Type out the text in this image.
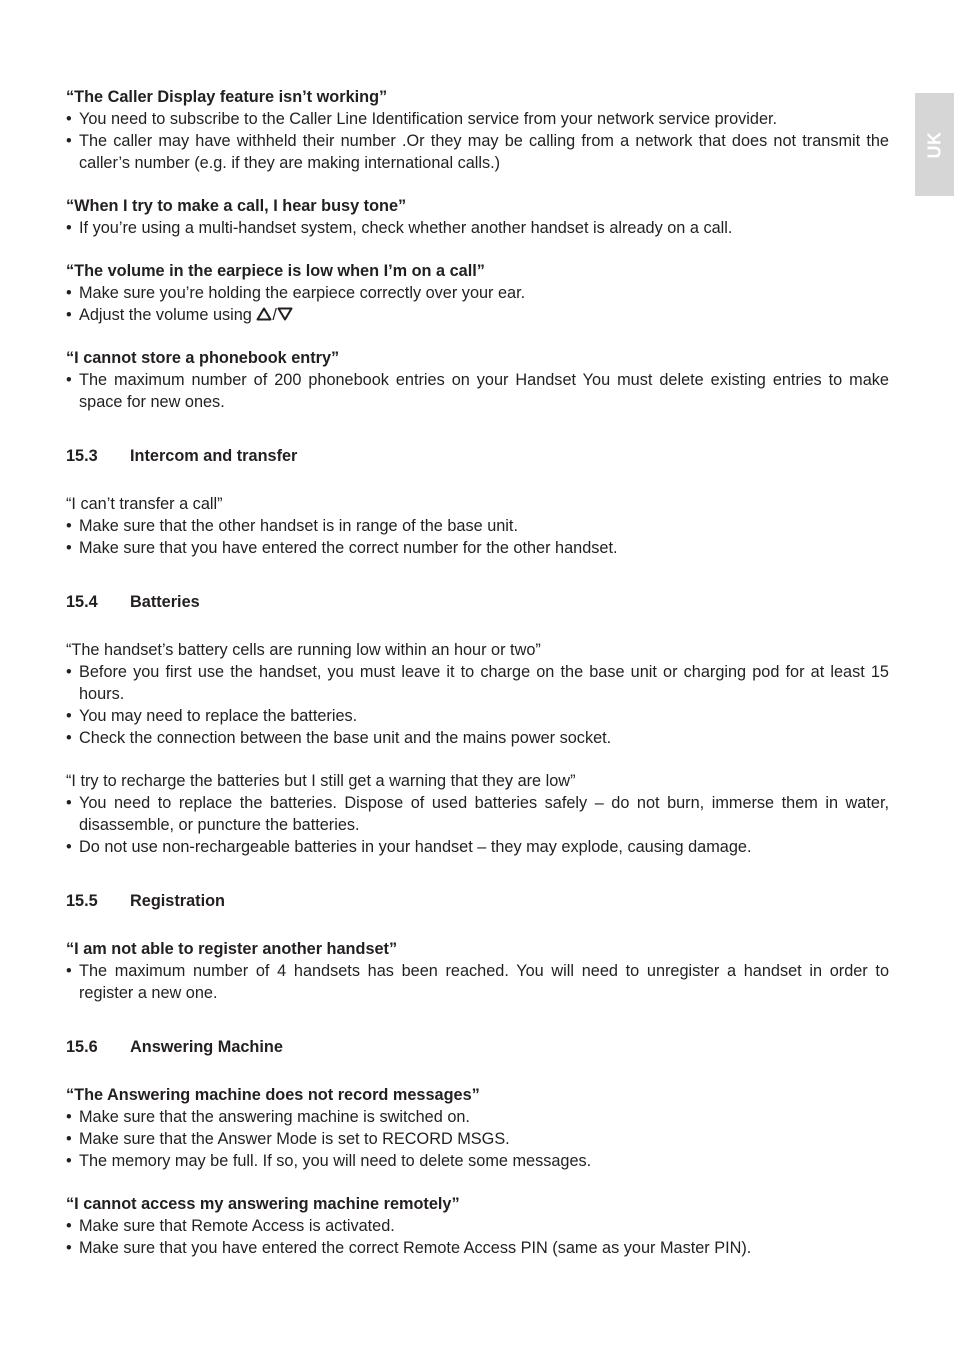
UK
“The Caller Display feature isn’t working”
• You need to subscribe to the Caller Line Identification service from your network service provider.
• The caller may have withheld their number .Or they may be calling from a network that does not transmit the caller’s number (e.g. if they are making international calls.)
“When I try to make a call, I hear busy tone”
• If you’re using a multi-handset system, check whether another handset is already on a call.
“The volume in the earpiece is low when I’m on a call”
• Make sure you’re holding the earpiece correctly over your ear.
• Adjust the volume using /
“I cannot store a phonebook entry”
• The maximum number of 200 phonebook entries on your Handset You must delete existing entries to make space for new ones.
15.3	Intercom and transfer
“I can’t transfer a call”
• Make sure that the other handset is in range of the base unit.
• Make sure that you have entered the correct number for the other handset.
15.4	Batteries
“The handset’s battery cells are running low within an hour or two”
• Before you first use the handset, you must leave it to charge on the base unit or charging pod for at least 15 hours.
• You may need to replace the batteries.
• Check the connection between the base unit and the mains power socket.
“I try to recharge the batteries but I still get a warning that they are low”
• You need to replace the batteries. Dispose of used batteries safely – do not burn, immerse them in water, disassemble, or puncture the batteries.
• Do not use non-rechargeable batteries in your handset – they may explode, causing damage.
15.5	Registration
“I am not able to register another handset”
• The maximum number of 4 handsets has been reached. You will need to unregister a handset in order to register a new one.
15.6	Answering Machine
“The Answering machine does not record messages”
• Make sure that the answering machine is switched on.
• Make sure that the Answer Mode is set to RECORD MSGS.
• The memory may be full. If so, you will need to delete some messages.
“I cannot access my answering machine remotely”
• Make sure that Remote Access is activated.
• Make sure that you have entered the correct Remote Access PIN (same as your Master PIN).
